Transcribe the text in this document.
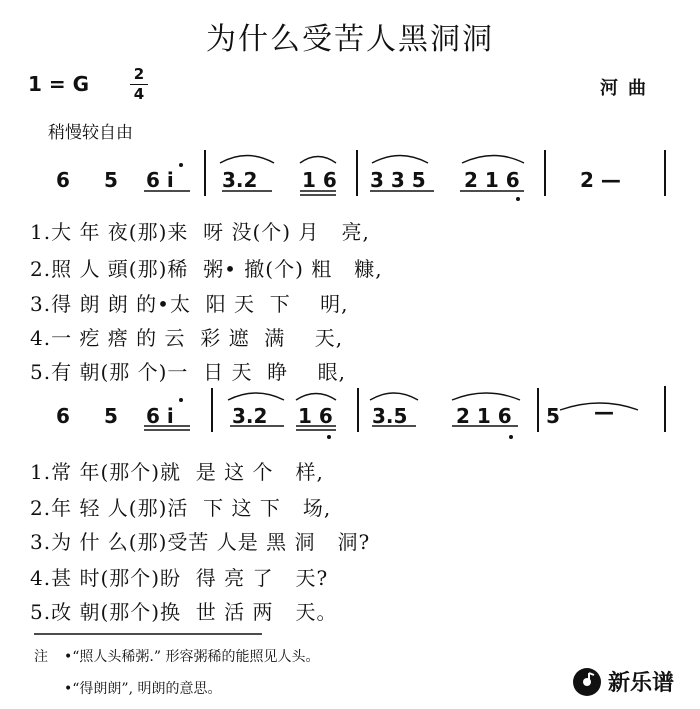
为什么受苦人黑洞洞
1 = G	2
4	河曲
稍慢较自由
6 5 6 i 3.2 1 6 3 3 5 2 1 6	2 —
1.大 年 夜(那)来  呀 没(个) 月   亮,
2.照 人 頭(那)稀  粥• 撤(个) 粗   糠,
3.得 朗 朗 的•太  阳 天  下    明,
4.一 疙 瘩 的 云  彩 遮  满    天,
5.有 朝(那 个)一  日 天  睁    眼,
6 5 6 i	3.2 1 6 3.5 2 1 6 5 —
1.常 年(那个)就  是 这 个   样,
2.年 轻 人(那)活  下 这 下   场,
3.为 什 么(那)受苦 人是 黑 洞   洞?
4.甚 时(那个)盼  得 亮 了   天?
5.改 朝(那个)换  世 活 两   天。
注 •“照人头稀粥.” 形容粥稀的能照见人头。
•“得朗朗”, 明朗的意思。	新乐谱
